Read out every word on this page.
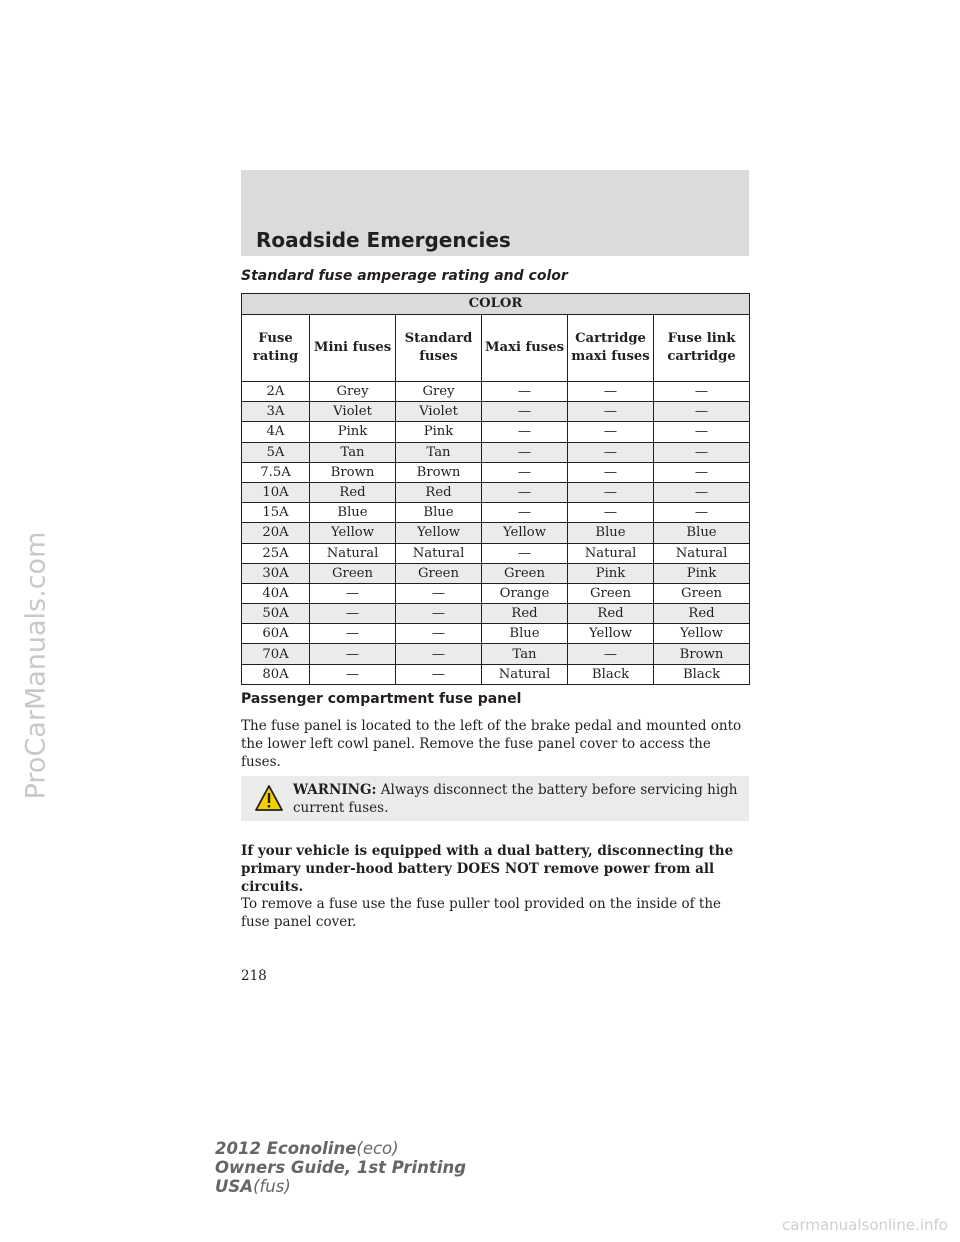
ProCarManuals.com
Roadside Emergencies
Standard fuse amperage rating and color
COLOR					
Fuse rating	Mini fuses	Standard fuses	Maxi fuses	Cartridge maxi fuses	Fuse link cartridge
2A	Grey	Grey	—	—	—
3A	Violet	Violet	—	—	—
4A	Pink	Pink	—	—	—
5A	Tan	Tan	—	—	—
7.5A	Brown	Brown	—	—	—
10A	Red	Red	—	—	—
15A	Blue	Blue	—	—	—
20A	Yellow	Yellow	Yellow	Blue	Blue
25A	Natural	Natural	—	Natural	Natural
30A	Green	Green	Green	Pink	Pink
40A	—	—	Orange	Green	Green
50A	—	—	Red	Red	Red
60A	—	—	Blue	Yellow	Yellow
70A	—	—	Tan	—	Brown
80A	—	—	Natural	Black	Black
Passenger compartment fuse panel
The fuse panel is located to the left of the brake pedal and mounted onto the lower left cowl panel. Remove the fuse panel cover to access the fuses.
WARNING: Always disconnect the battery before servicing high current fuses.
If your vehicle is equipped with a dual battery, disconnecting the primary under-hood battery DOES NOT remove power from all circuits.
To remove a fuse use the fuse puller tool provided on the inside of the fuse panel cover.
218
2012 Econoline(eco)
Owners Guide, 1st Printing
USA(fus)
carmanualsonline.info
